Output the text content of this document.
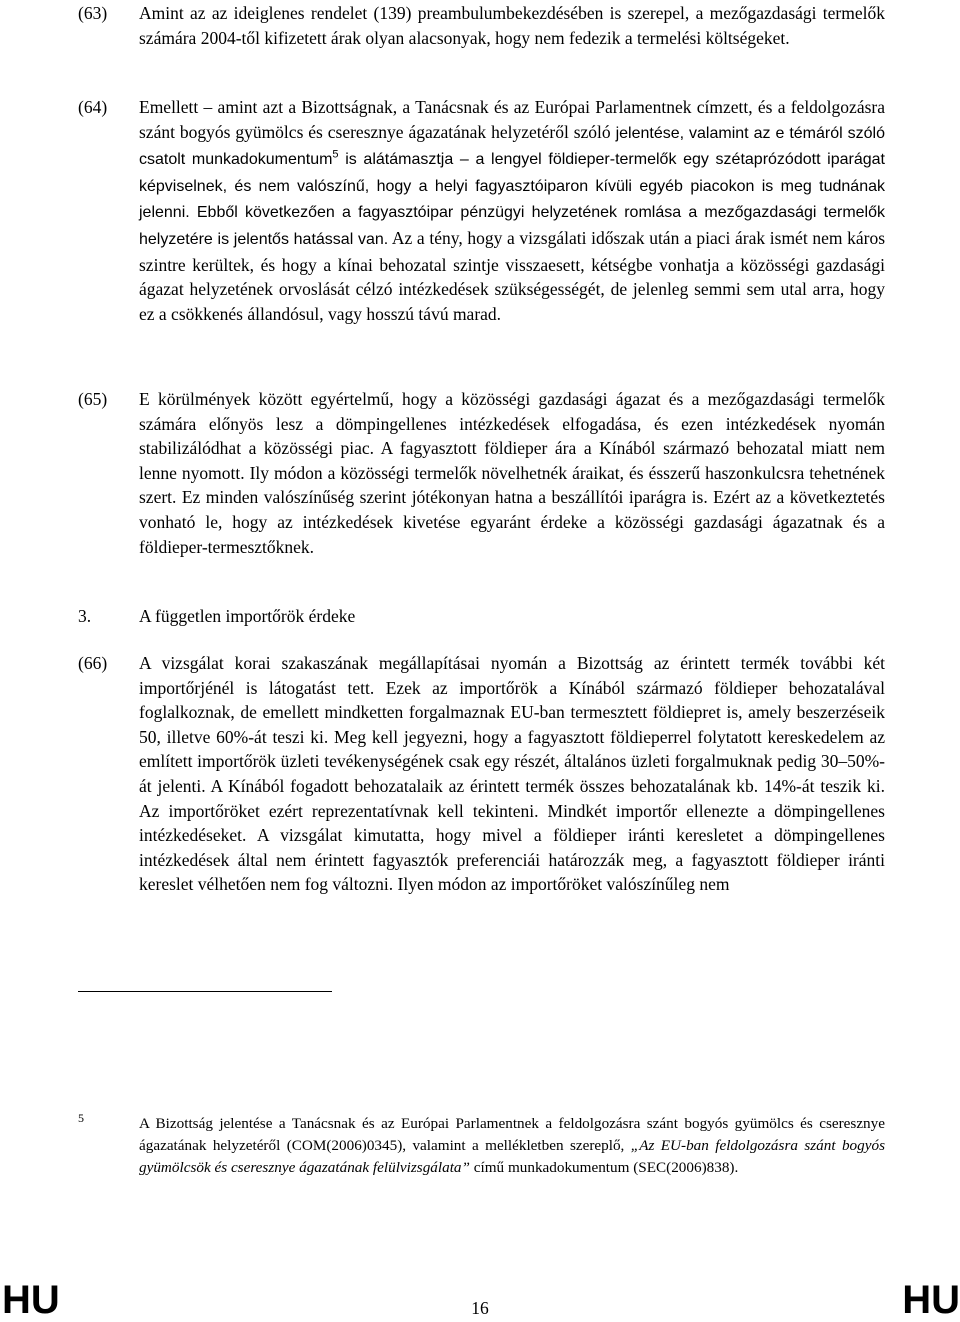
(63) Amint az az ideiglenes rendelet (139) preambulumbekezdésében is szerepel, a mezőgazdasági termelők számára 2004-től kifizetett árak olyan alacsonyak, hogy nem fedezik a termelési költségeket.

(64) Emellett – amint azt a Bizottságnak, a Tanácsnak és az Európai Parlamentnek címzett, és a feldolgozásra szánt bogyós gyümölcs és cseresznye ágazatának helyzetéről szóló jelentése, valamint az e témáról szóló csatolt munkadokumentum$^5$ is alátámasztja – a lengyel földieper-termelők egy szétaprózódott iparágat képviselnek, és nem valószínű, hogy a helyi fagyasztóiparon kívüli egyéb piacokon is meg tudnának jelenni. Ebből következően a fagyasztóipar pénzügyi helyzetének romlása a mezőgazdasági termelők helyzetére is jelentős hatással van. Az a tény, hogy a vizsgálati időszak után a piaci árak ismét nem káros szintre kerültek, és hogy a kínai behozatal szintje visszaesett, kétségbe vonhatja a közösségi gazdasági ágazat helyzetének orvoslását célzó intézkedések szükségességét, de jelenleg semmi sem utal arra, hogy ez a csökkenés állandósul, vagy hosszú távú marad.

(65) E körülmények között egyértelmű, hogy a közösségi gazdasági ágazat és a mezőgazdasági termelők számára előnyös lesz a dömpingellenes intézkedések elfogadása, és ezen intézkedések nyomán stabilizálódhat a közösségi piac. A fagyasztott földieper ára a Kínából származó behozatal miatt nem lenne nyomott. Ily módon a közösségi termelők növelhetnék áraikat, és ésszerű haszonkulcsra tehetnének szert. Ez minden valószínűség szerint jótékonyan hatna a beszállítói iparágra is. Ezért az a következtetés vonható le, hogy az intézkedések kivetése egyaránt érdeke a közösségi gazdasági ágazatnak és a földieper-termesztőknek.

3.	A független importőrök érdeke
(66) A vizsgálat korai szakaszának megállapításai nyomán a Bizottság az érintett termék további két importőrjénél is látogatást tett. Ezek az importőrök a Kínából származó földieper behozatalával foglalkoznak, de emellett mindketten forgalmaznak EU-ban termesztett földiepret is, amely beszerzéseik 50, illetve 60%-át teszi ki. Meg kell jegyezni, hogy a fagyasztott földieperrel folytatott kereskedelem az említett importőrök üzleti tevékenységének csak egy részét, általános üzleti forgalmuknak pedig 30–50%-át jelenti. A Kínából fogadott behozatalaik az érintett termék összes behozatalának kb. 14%-át teszik ki. Az importőröket ezért reprezentatívnak kell tekinteni. Mindkét importőr ellenezte a dömpingellenes intézkedéseket. A vizsgálat kimutatta, hogy mivel a földieper iránti keresletet a dömpingellenes intézkedések által nem érintett fagyasztók preferenciái határozzák meg, a fagyasztott földieper iránti kereslet vélhetően nem fog változni. Ilyen módon az importőröket valószínűleg nem

5	A Bizottság jelentése a Tanácsnak és az Európai Parlamentnek a feldolgozásra szánt bogyós gyümölcs és cseresznye ágazatának helyzetéről (COM(2006)0345), valamint a mellékletben szereplő, „Az EU-ban feldolgozásra szánt bogyós gyümölcsök és cseresznye ágazatának felülvizsgálata” című munkadokumentum (SEC(2006)838).

HU	16	HU
